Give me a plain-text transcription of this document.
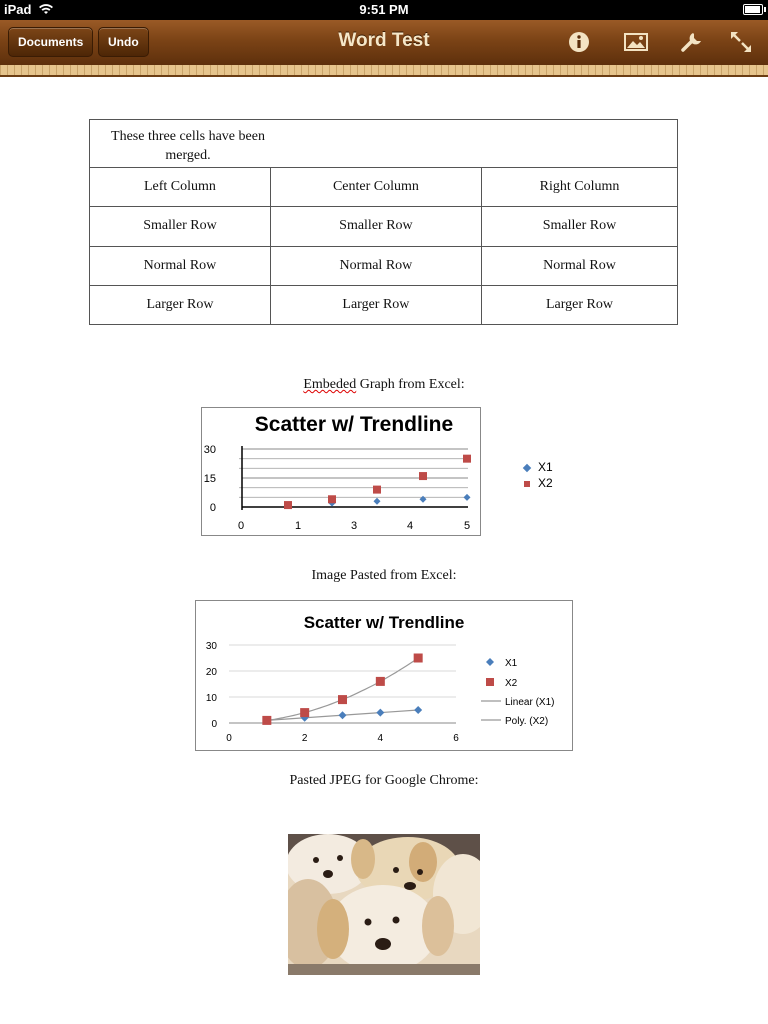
iPad	9:51 PM
Documents	Undo	Word Test
These three cells have been merged.		

Left Column	Center Column	Right Column
Smaller Row	Smaller Row	Smaller Row
Normal Row	Normal Row	Normal Row
Larger Row	Larger Row	Larger Row
Embeded Graph from Excel:
Scatter w/ Trendline
0
15
30
0	1	3	4	5
X1
X2
Image Pasted from Excel:
Scatter w/ Trendline
0
10
20
30
0	2	4	6
X1
X2
Linear (X1)
Poly. (X2)
Pasted JPEG for Google Chrome:
